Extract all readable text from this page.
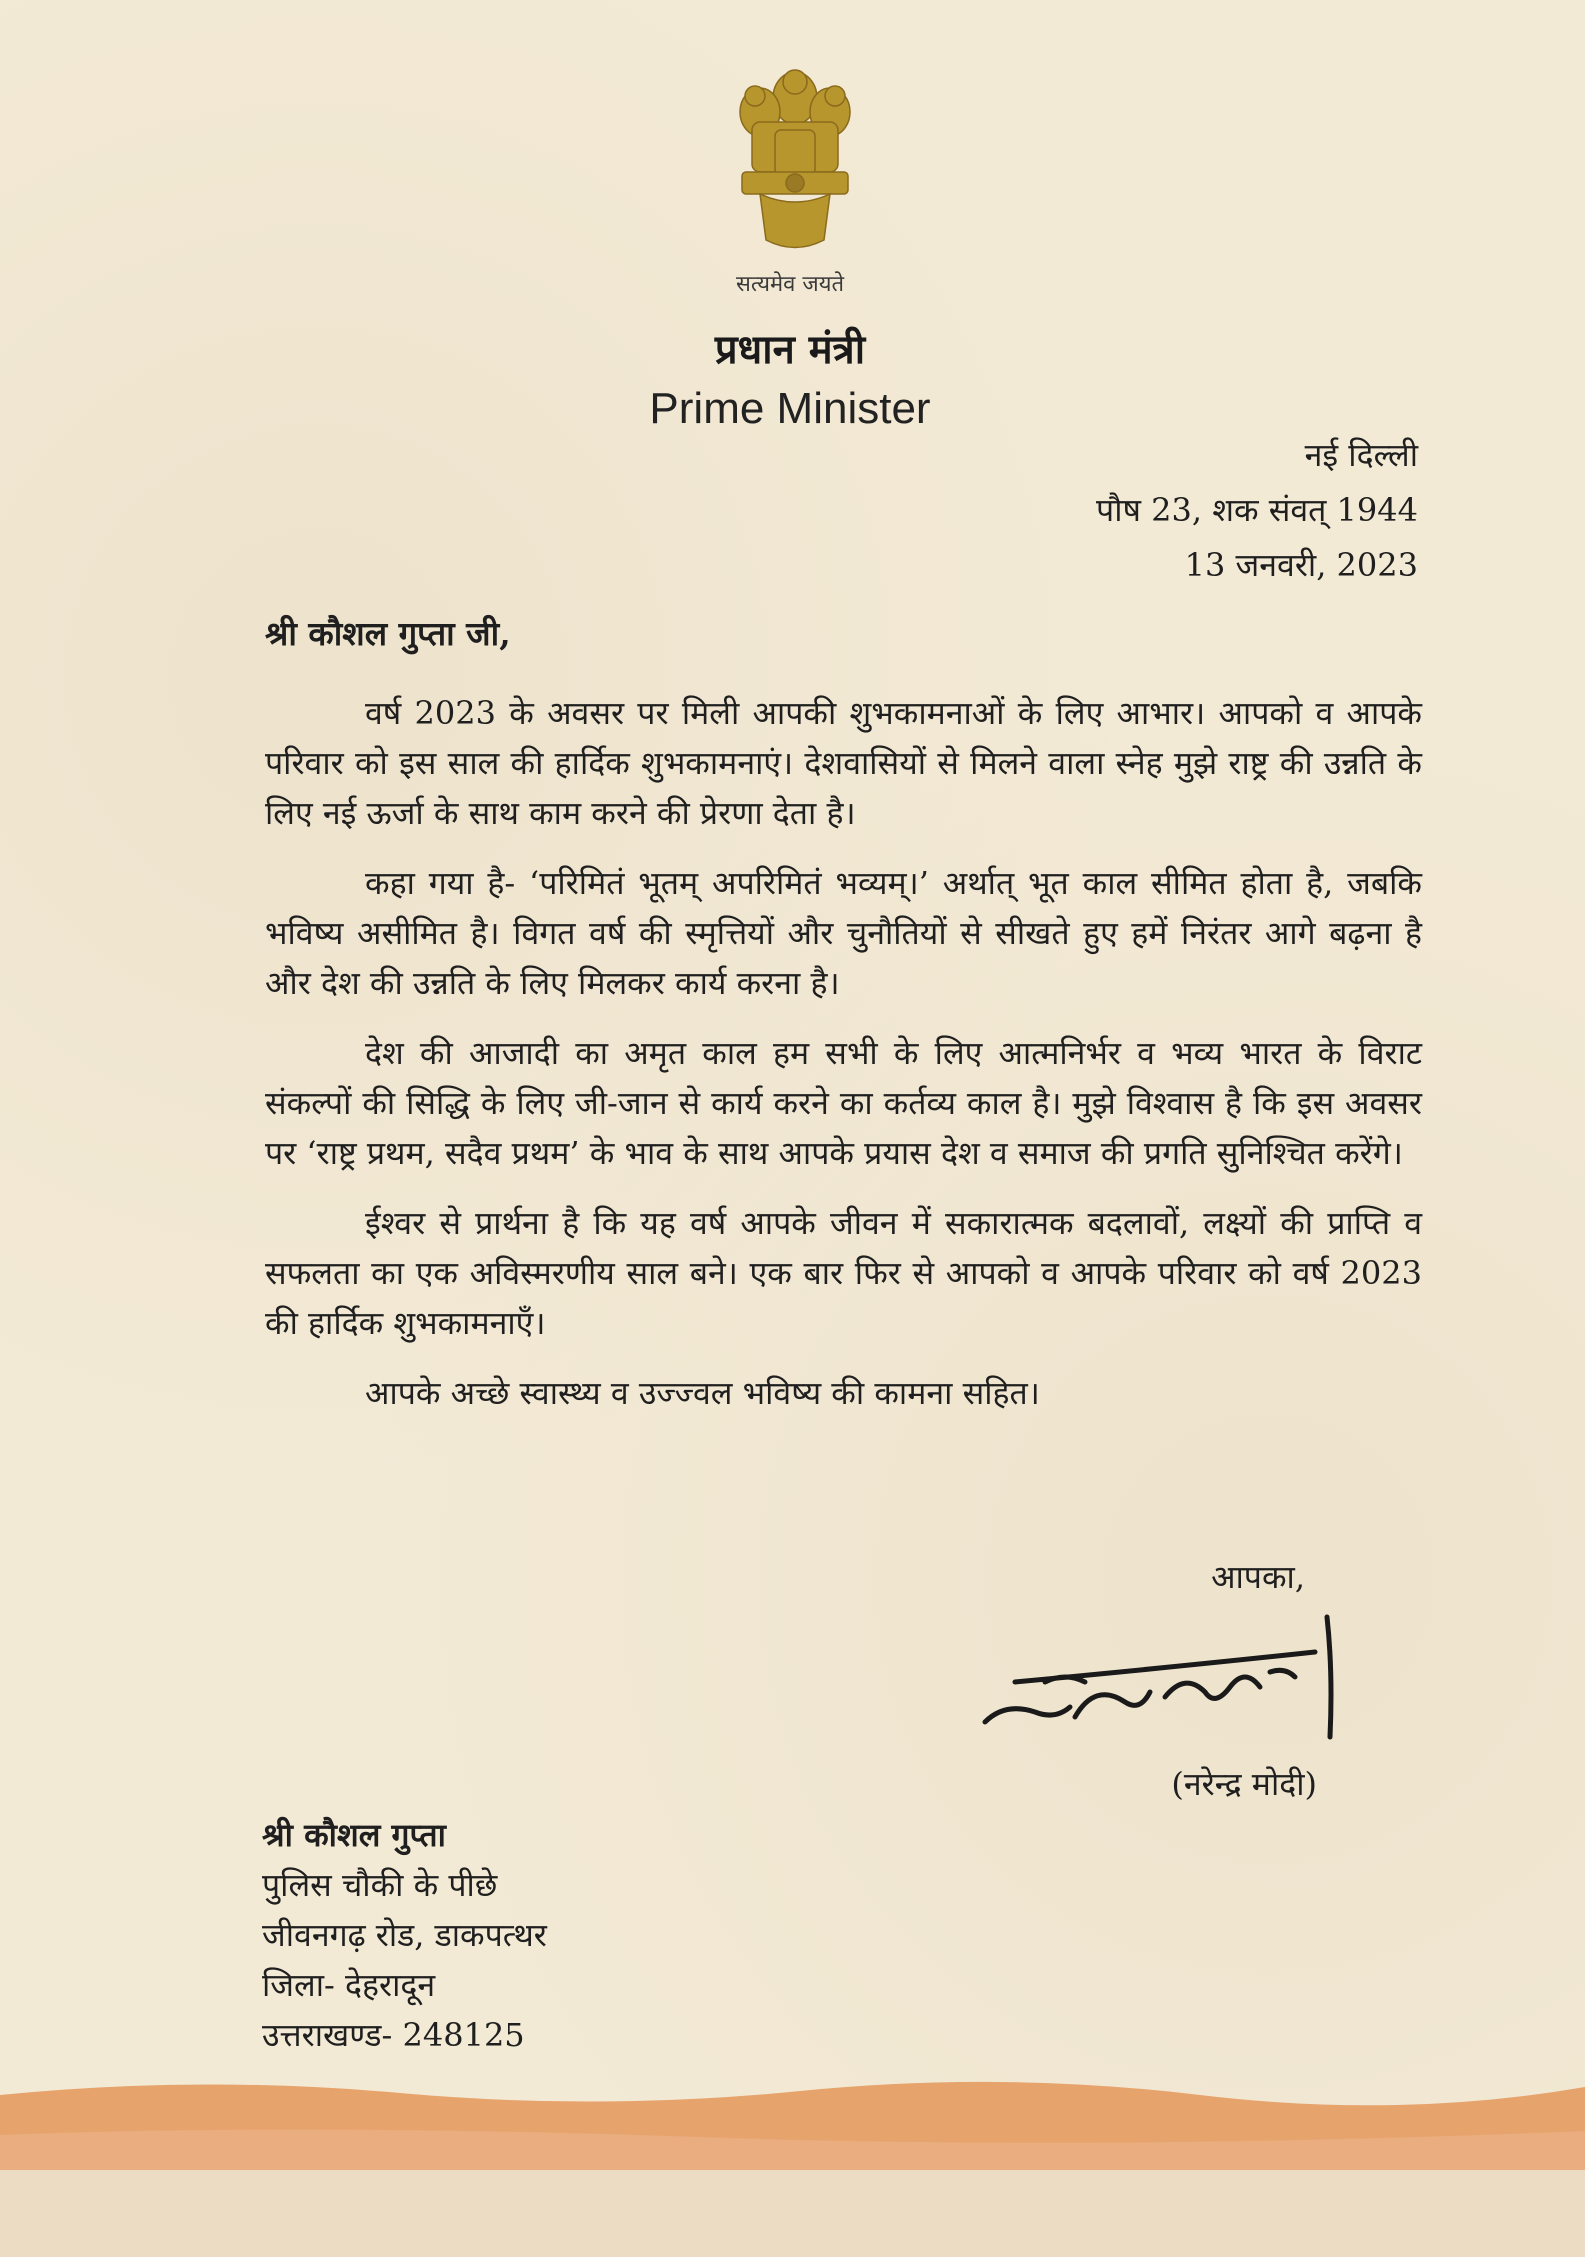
सत्यमेव जयते
प्रधान मंत्री
Prime Minister
नई दिल्ली
पौष 23, शक संवत् 1944
13 जनवरी, 2023
श्री कौशल गुप्ता जी,

वर्ष 2023 के अवसर पर मिली आपकी शुभकामनाओं के लिए आभार। आपको व आपके परिवार को इस साल की हार्दिक शुभकामनाएं। देशवासियों से मिलने वाला स्नेह मुझे राष्ट्र की उन्नति के लिए नई ऊर्जा के साथ काम करने की प्रेरणा देता है।

कहा गया है- ‘परिमितं भूतम् अपरिमितं भव्यम्।’ अर्थात् भूत काल सीमित होता है, जबकि भविष्य असीमित है। विगत वर्ष की स्मृत्तियों और चुनौतियों से सीखते हुए हमें निरंतर आगे बढ़ना है और देश की उन्नति के लिए मिलकर कार्य करना है।

देश की आजादी का अमृत काल हम सभी के लिए आत्मनिर्भर व भव्य भारत के विराट संकल्पों की सिद्धि के लिए जी-जान से कार्य करने का कर्तव्य काल है। मुझे विश्वास है कि इस अवसर पर ‘राष्ट्र प्रथम, सदैव प्रथम’ के भाव के साथ आपके प्रयास देश व समाज की प्रगति सुनिश्चित करेंगे।

ईश्वर से प्रार्थना है कि यह वर्ष आपके जीवन में सकारात्मक बदलावों, लक्ष्यों की प्राप्ति व सफलता का एक अविस्मरणीय साल बने। एक बार फिर से आपको व आपके परिवार को वर्ष 2023 की हार्दिक शुभकामनाएँ।

आपके अच्छे स्वास्थ्य व उज्ज्वल भविष्य की कामना सहित।

आपका,
(नरेन्द्र मोदी)
श्री कौशल गुप्ता
पुलिस चौकी के पीछे
जीवनगढ़ रोड, डाकपत्थर
जिला- देहरादून
उत्तराखण्ड- 248125
